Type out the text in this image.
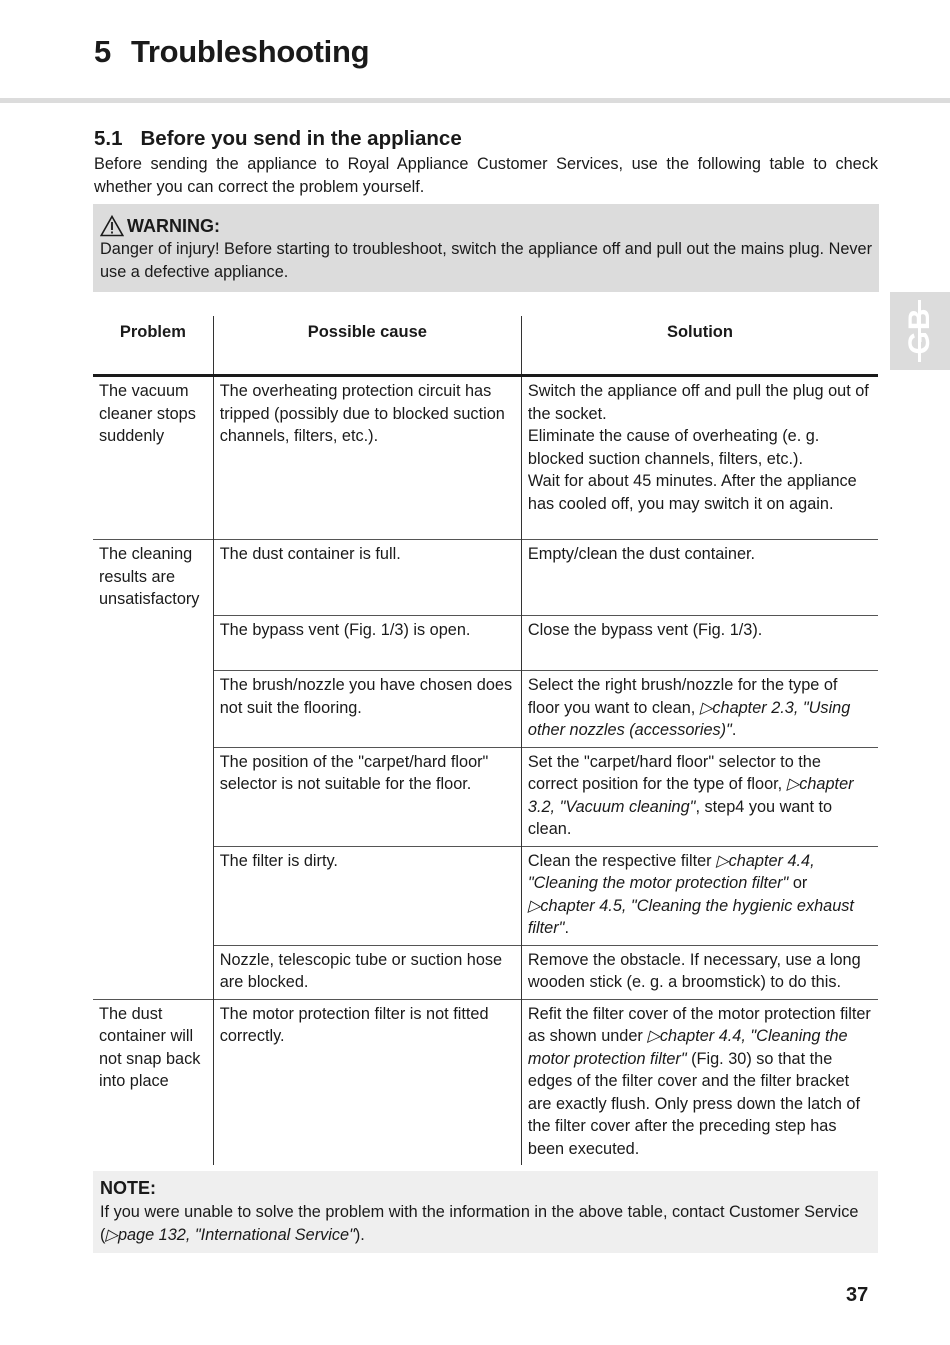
5 Troubleshooting
5.1 Before you send in the appliance
Before sending the appliance to Royal Appliance Customer Services, use the following table to check whether you can correct the problem yourself.
WARNING:
Danger of injury! Before starting to troubleshoot, switch the appliance off and pull out the mains plug. Never use a defective appliance.
GB
Problem	Possible cause	Solution
The vacuum cleaner stops suddenly	The overheating protection circuit has tripped (possibly due to blocked suction channels, filters, etc.).	Switch the appliance off and pull the plug out of the socket.
Eliminate the cause of overheating (e. g. blocked suction channels, filters, etc.).
Wait for about 45 minutes. After the appliance has cooled off, you may switch it on again.

The cleaning results are unsatisfactory	The dust container is full.	Empty/clean the dust container.
	The bypass vent (Fig. 1/3) is open.	Close the bypass vent (Fig. 1/3).
	The brush/nozzle you have chosen does not suit the flooring.	Select the right brush/nozzle for the type of floor you want to clean, ▷chapter 2.3, "Using other nozzles (accessories)".
	The position of the "carpet/hard floor" selector is not suitable for the floor.	Set the "carpet/hard floor" selector to the correct position for the type of floor, ▷chapter 3.2, "Vacuum cleaning", step4 you want to clean.
	The filter is dirty.	Clean the respective filter ▷chapter 4.4, "Cleaning the motor protection filter" or ▷chapter 4.5, "Cleaning the hygienic exhaust filter".
	Nozzle, telescopic tube or suction hose are blocked.	Remove the obstacle. If necessary, use a long wooden stick (e. g. a broomstick) to do this.
The dust container will not snap back into place	The motor protection filter is not fitted correctly.	Refit the filter cover of the motor protection filter as shown under ▷chapter 4.4, "Cleaning the motor protection filter" (Fig. 30) so that the edges of the filter cover and the filter bracket are exactly flush. Only press down the latch of the filter cover after the preceding step has been executed.
NOTE:
If you were unable to solve the problem with the information in the above table, contact Customer Service (▷page 132, "International Service").
37
